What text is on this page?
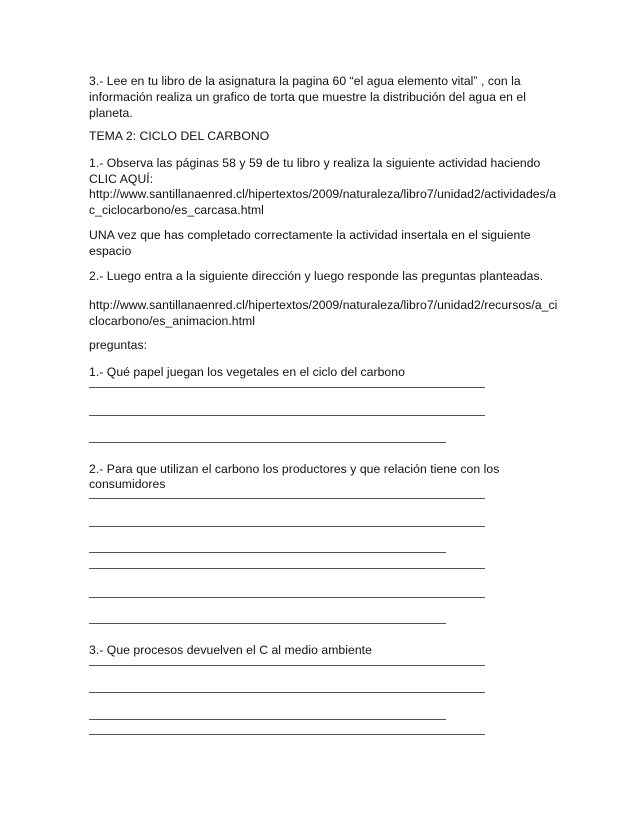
3.- Lee en tu libro de la asignatura la pagina 60 “el agua elemento vital” , con la
información realiza un grafico de torta que muestre la distribución del agua en el
planeta.
TEMA 2: CICLO DEL CARBONO
1.- Observa las páginas 58 y 59 de tu libro y realiza la siguiente actividad haciendo
CLIC AQUÍ:
http://www.santillanaenred.cl/hipertextos/2009/naturaleza/libro7/unidad2/actividades/a
c_ciclocarbono/es_carcasa.html
UNA vez que has completado correctamente la actividad insertala en el siguiente
espacio
2.- Luego entra a la siguiente dirección y luego responde las preguntas planteadas.
http://www.santillanaenred.cl/hipertextos/2009/naturaleza/libro7/unidad2/recursos/a_ci
clocarbono/es_animacion.html
preguntas:
1.- Qué papel juegan los vegetales en el ciclo del carbono
2.- Para que utilizan el carbono los productores y que relación tiene con los
consumidores
3.- Que procesos devuelven el C al medio ambiente
